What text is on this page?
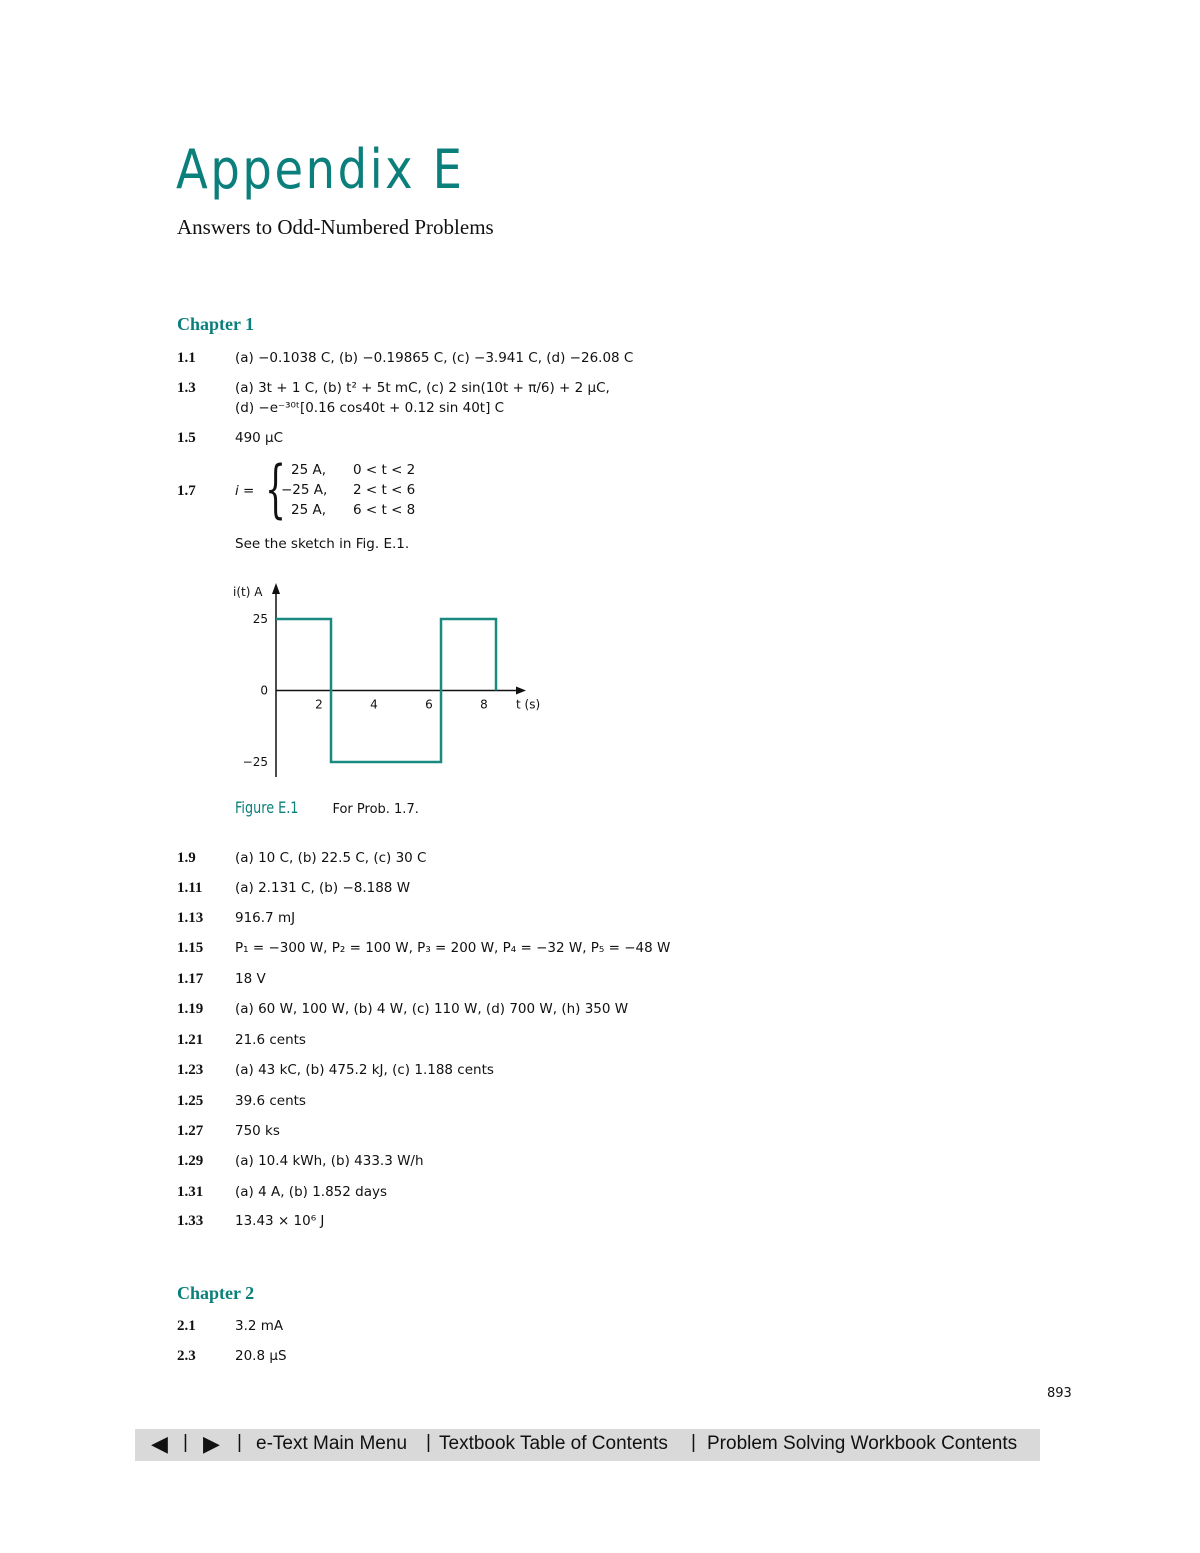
Appendix E
Answers to Odd-Numbered Problems
Chapter 1
1.1	(a) −0.1038 C, (b) −0.19865 C, (c) −3.941 C, (d) −26.08 C
1.3	(a) 3t + 1 C, (b) t² + 5t mC, (c) 2 sin(10t + π/6) + 2 μC,
(d) −e⁻³⁰ᵗ[0.16 cos40t + 0.12 sin 40t] C
1.5	490 μC
1.7	i = { 25 A, 0 < t < 2
−25 A, 2 < t < 6
25 A, 6 < t < 8
See the sketch in Fig. E.1.
i(t) A
t (s)
25
0
−25
2	4	6	8
Figure E.1	For Prob. 1.7.
1.9	(a) 10 C, (b) 22.5 C, (c) 30 C
1.11 (a) 2.131 C, (b) −8.188 W
1.13 916.7 mJ
1.15 P₁ = −300 W, P₂ = 100 W, P₃ = 200 W, P₄ = −32 W, P₅ = −48 W
1.17 18 V
1.19 (a) 60 W, 100 W, (b) 4 W, (c) 110 W, (d) 700 W, (h) 350 W
1.21 21.6 cents
1.23 (a) 43 kC, (b) 475.2 kJ, (c) 1.188 cents
1.25 39.6 cents
1.27 750 ks
1.29 (a) 10.4 kWh, (b) 433.3 W/h
1.31 (a) 4 A, (b) 1.852 days
1.33 13.43 × 10⁶ J
Chapter 2
2.1	3.2 mA
2.3	20.8 μS
893
◀ | ▶ | e-Text Main Menu | Textbook Table of Contents | Problem Solving Workbook Contents
